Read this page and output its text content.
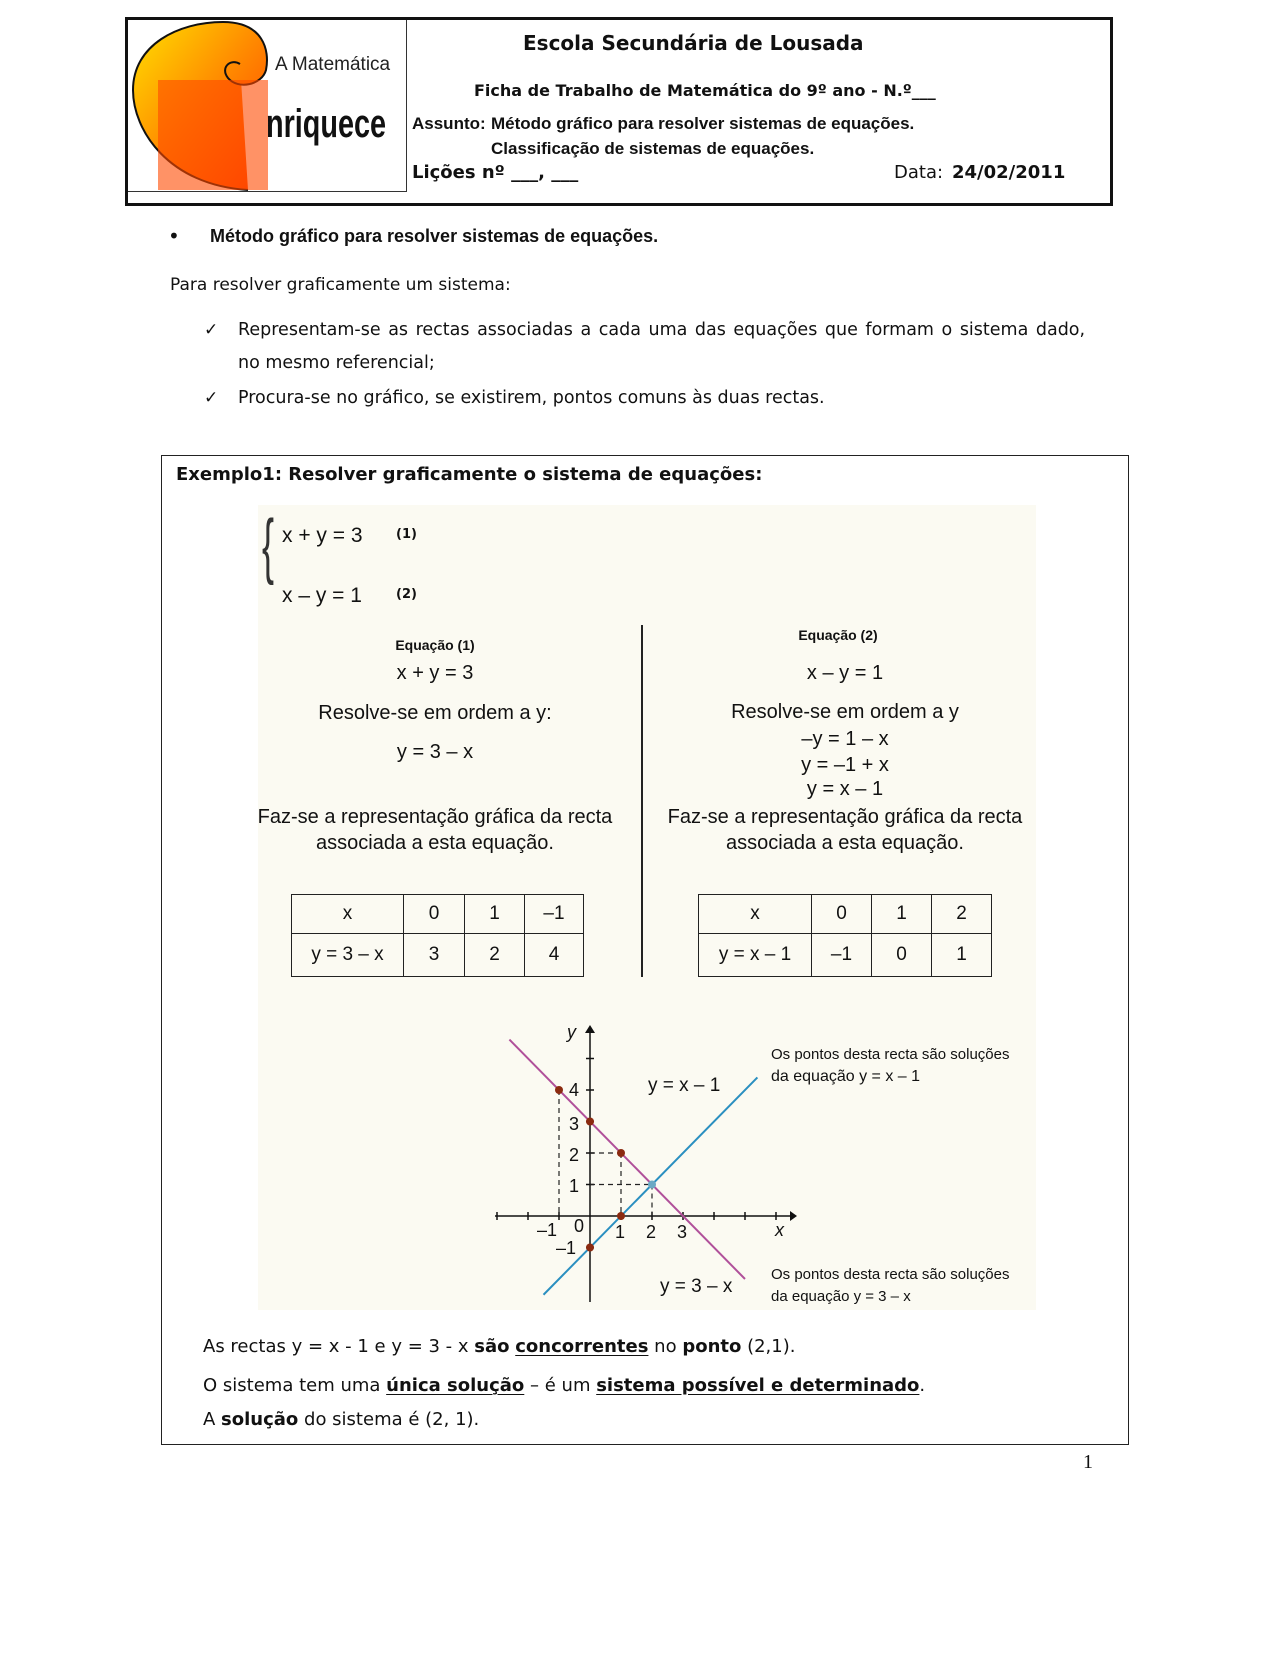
A Matemática
nriquece
Escola Secundária de Lousada
Ficha de Trabalho de Matemática do 9º ano - N.º___
Assunto: Método gráfico para resolver sistemas de equações.
Classificação de sistemas de equações.
Lições nº ___, ___	Data: 24/02/2011
• Método gráfico para resolver sistemas de equações.
Para resolver graficamente um sistema:
✓ Representam-se as rectas associadas a cada uma das equações que formam o sistema dado,
no mesmo referencial;
✓ Procura-se no gráfico, se existirem, pontos comuns às duas rectas.
Exemplo1: Resolver graficamente o sistema de equações:
{ x + y = 3	(1)
x – y = 1	(2)
Equação (1)
x + y = 3
Resolve-se em ordem a y:
y = 3 – x
Faz-se a representação gráfica da recta
associada a esta equação.
Equação (2)
x – y = 1
Resolve-se em ordem a y
–y = 1 – x
y = –1 + x
y = x – 1
Faz-se a representação gráfica da recta
associada a esta equação.
x	0	1	–1
y = 3 – x	3	2	4
x	0	1	2
y = x – 1	–1	0	1
y
x
–1 0 1 2 3
4
3
2
1
–1
y = x – 1
y = 3 – x
Os pontos desta recta são soluções
da equação y = x – 1
Os pontos desta recta são soluções
da equação y = 3 – x
As rectas y = x - 1 e y = 3 - x são concorrentes no ponto (2,1).
O sistema tem uma única solução – é um sistema possível e determinado.
A solução do sistema é (2, 1).
1
